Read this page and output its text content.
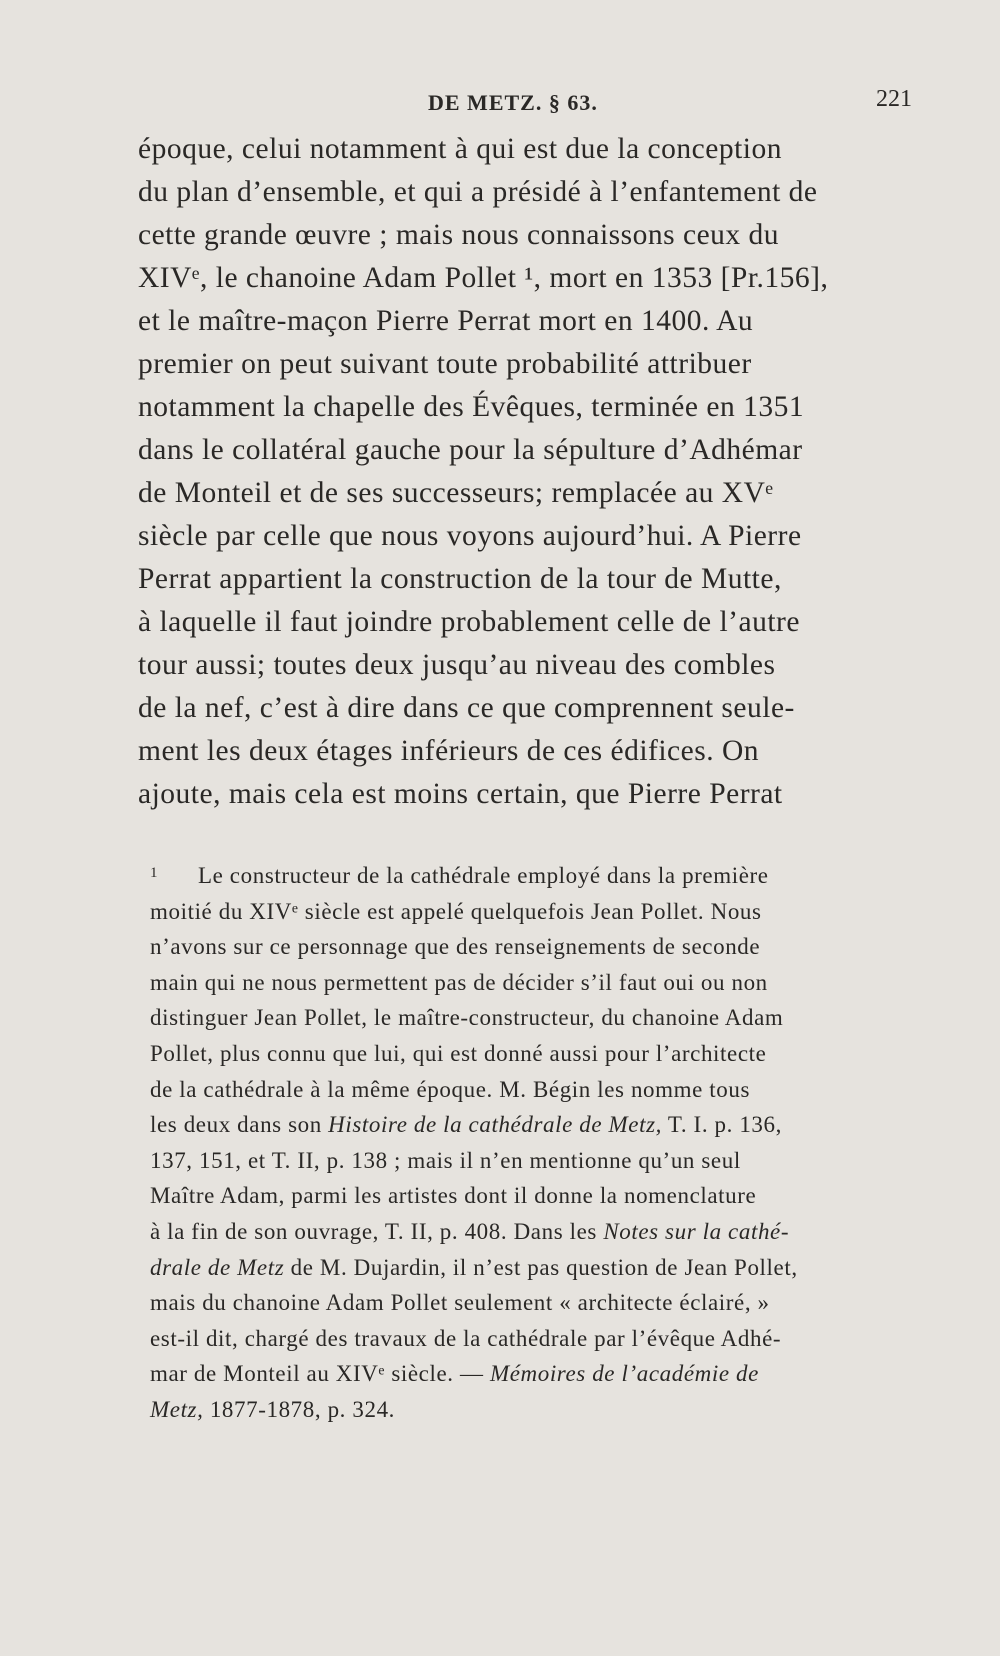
DE METZ. § 63.	221
époque, celui notamment à qui est due la conception
du plan d’ensemble, et qui a présidé à l’enfantement de
cette grande œuvre ; mais nous connaissons ceux du
XIVᵉ, le chanoine Adam Pollet ¹, mort en 1353 [Pr.156],
et le maître-maçon Pierre Perrat mort en 1400. Au
premier on peut suivant toute probabilité attribuer
notamment la chapelle des Évêques, terminée en 1351
dans le collatéral gauche pour la sépulture d’Adhémar
de Monteil et de ses successeurs; remplacée au XVᵉ
siècle par celle que nous voyons aujourd’hui. A Pierre
Perrat appartient la construction de la tour de Mutte,
à laquelle il faut joindre probablement celle de l’autre
tour aussi; toutes deux jusqu’au niveau des combles
de la nef, c’est à dire dans ce que comprennent seule-
ment les deux étages inférieurs de ces édifices. On
ajoute, mais cela est moins certain, que Pierre Perrat
1 Le constructeur de la cathédrale employé dans la première
moitié du XIVᵉ siècle est appelé quelquefois Jean Pollet. Nous
n’avons sur ce personnage que des renseignements de seconde
main qui ne nous permettent pas de décider s’il faut oui ou non
distinguer Jean Pollet, le maître-constructeur, du chanoine Adam
Pollet, plus connu que lui, qui est donné aussi pour l’architecte
de la cathédrale à la même époque. M. Bégin les nomme tous
les deux dans son Histoire de la cathédrale de Metz, T. I. p. 136,
137, 151, et T. II, p. 138 ; mais il n’en mentionne qu’un seul
Maître Adam, parmi les artistes dont il donne la nomenclature
à la fin de son ouvrage, T. II, p. 408. Dans les Notes sur la cathé-
drale de Metz de M. Dujardin, il n’est pas question de Jean Pollet,
mais du chanoine Adam Pollet seulement « architecte éclairé, »
est-il dit, chargé des travaux de la cathédrale par l’évêque Adhé-
mar de Monteil au XIVᵉ siècle. — Mémoires de l’académie de
Metz, 1877-1878, p. 324.
